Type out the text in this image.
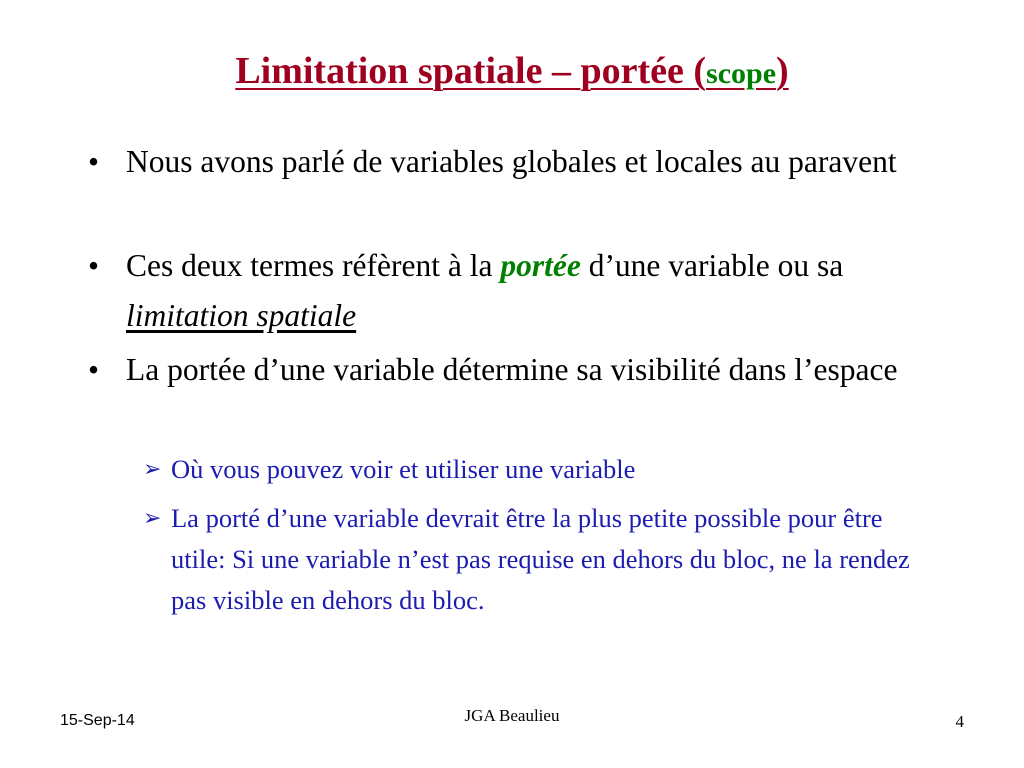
Limitation spatiale – portée (scope)
• Nous avons parlé de variables globales et locales au paravent
• Ces deux termes réfèrent à la portée d’une variable ou sa limitation spatiale
• La portée d’une variable détermine sa visibilité dans l’espace
➢ Où vous pouvez voir et utiliser une variable
➢ La porté d’une variable devrait être la plus petite possible pour être utile: Si une variable n’est pas requise en dehors du bloc, ne la rendez pas visible en dehors du bloc.
15-Sep-14	JGA Beaulieu	4
